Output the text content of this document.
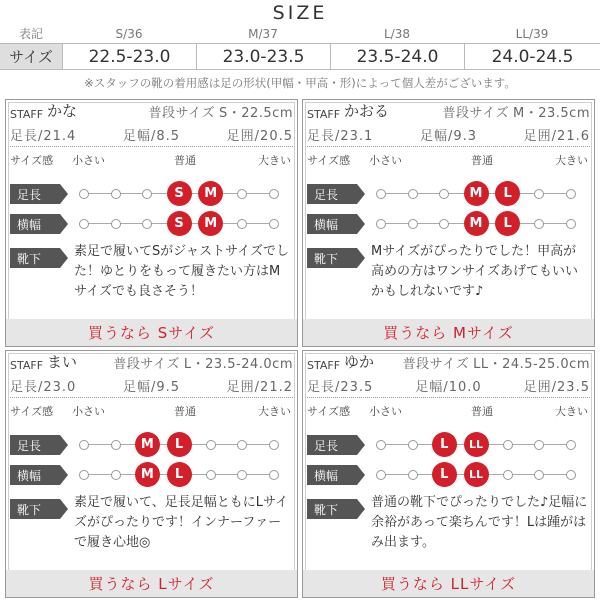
SIZE
表記	S/36	M/37	L/38	LL/39
サイズ	22.5-23.0	23.0-23.5	23.5-24.0	24.0-24.5
※スタッフの靴の着用感は足の形状(甲幅・甲高・形)によって個人差がございます。
STAFF かな	普段サイズ S・22.5cm
足長/21.4	足幅/8.5	足囲/20.5
サイズ感 小さい	普通	大きい
足長	S	M
横幅	S	M
靴下	素足で履いてSがジャストサイズでした！ゆとりをもって履きたい方はMサイズでも良さそう！
買うなら Sサイズ
STAFF かおる	普段サイズ M・23.5cm
足長/23.1	足幅/9.3	足囲/21.6
サイズ感 小さい	普通	大きい
足長	M	L
横幅	M	L
靴下	Mサイズがぴったりでした！甲高が高めの方はワンサイズあげてもいいかもしれないです♪
買うなら Mサイズ
STAFF まい	普段サイズ L・23.5-24.0cm
足長/23.0	足幅/9.5	足囲/21.2
サイズ感 小さい	普通	大きい
足長	M	L
横幅	M	L
靴下	素足で履いて、足長足幅ともにLサイズがぴったりです！インナーファーで履き心地◎
買うなら Lサイズ
STAFF ゆか 普段サイズ LL・24.5-25.0cm
足長/23.5	足幅/10.0	足囲/23.5
サイズ感 小さい	普通	大きい
足長	L	LL
横幅	L	LL
靴下	普通の靴下でぴったりでした♪足幅に余裕があって楽ちんです！Lは踵がはみ出ます。
買うなら LLサイズ
